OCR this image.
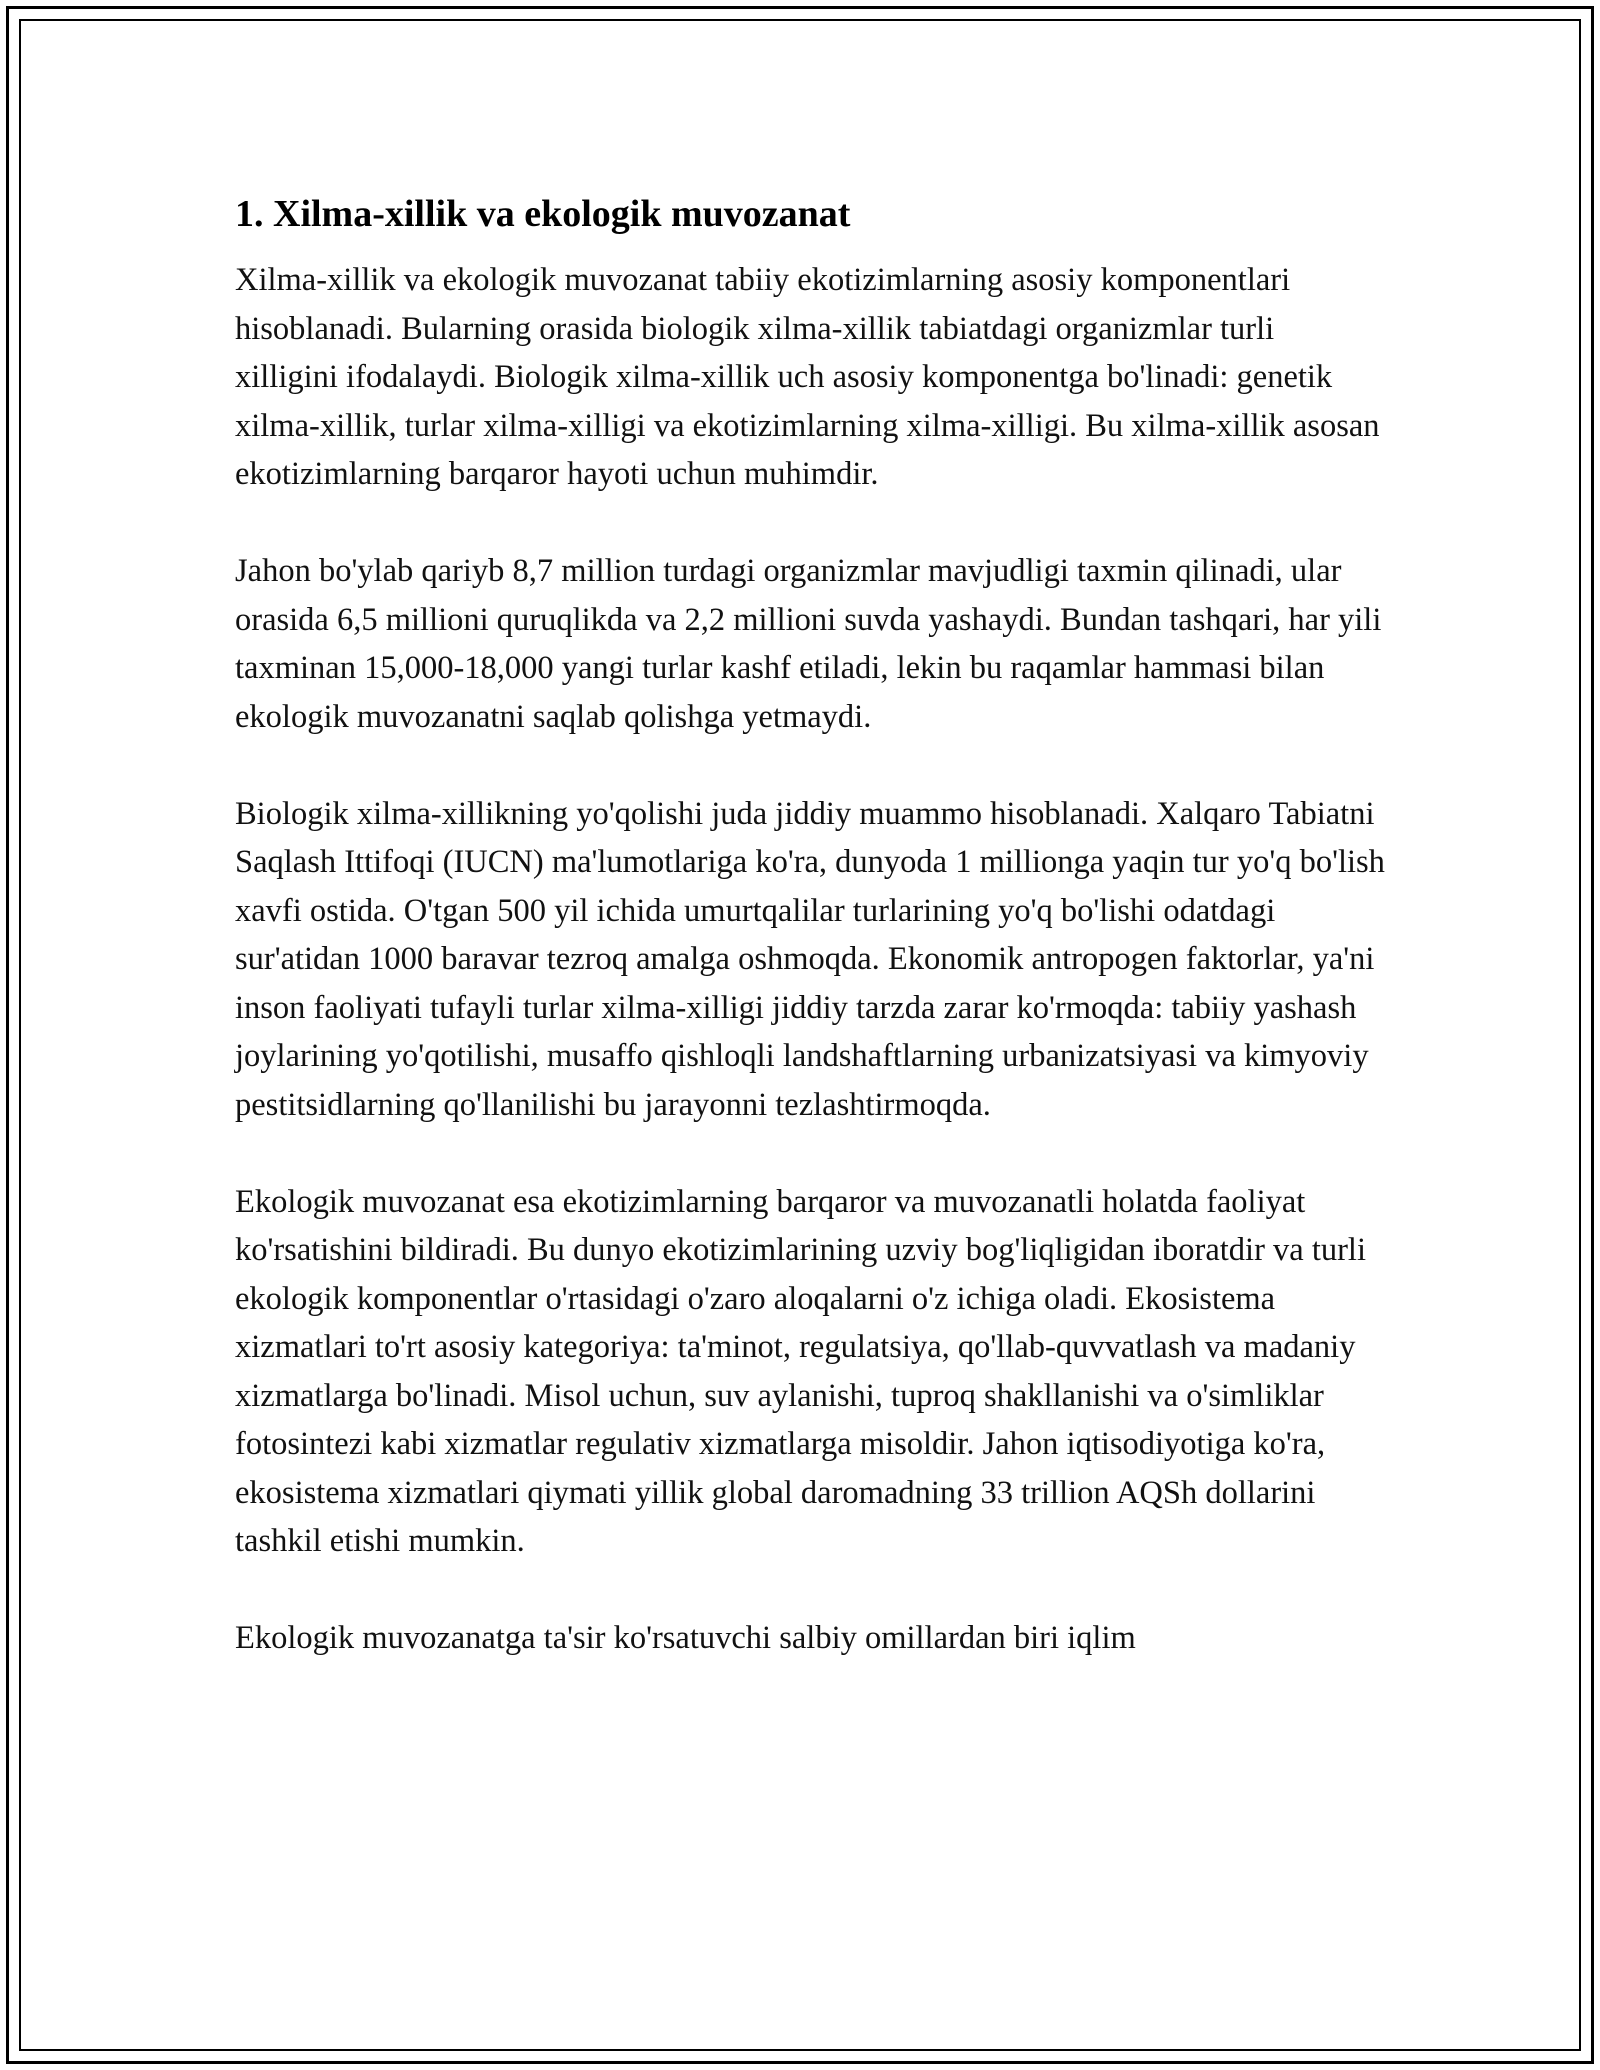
1. Xilma-xillik va ekologik muvozanat

Xilma-xillik va ekologik muvozanat tabiiy ekotizimlarning asosiy komponentlari hisoblanadi. Bularning orasida biologik xilma-xillik tabiatdagi organizmlar turli xilligini ifodalaydi. Biologik xilma-xillik uch asosiy komponentga bo'linadi: genetik xilma-xillik, turlar xilma-xilligi va ekotizimlarning xilma-xilligi. Bu xilma-xillik asosan ekotizimlarning barqaror hayoti uchun muhimdir.

Jahon bo'ylab qariyb 8,7 million turdagi organizmlar mavjudligi taxmin qilinadi, ular orasida 6,5 millioni quruqlikda va 2,2 millioni suvda yashaydi. Bundan tashqari, har yili taxminan 15,000-18,000 yangi turlar kashf etiladi, lekin bu raqamlar hammasi bilan ekologik muvozanatni saqlab qolishga yetmaydi.

Biologik xilma-xillikning yo'qolishi juda jiddiy muammo hisoblanadi. Xalqaro Tabiatni Saqlash Ittifoqi (IUCN) ma'lumotlariga ko'ra, dunyoda 1 millionga yaqin tur yo'q bo'lish xavfi ostida. O'tgan 500 yil ichida umurtqalilar turlarining yo'q bo'lishi odatdagi sur'atidan 1000 baravar tezroq amalga oshmoqda. Ekonomik antropogen faktorlar, ya'ni inson faoliyati tufayli turlar xilma-xilligi jiddiy tarzda zarar ko'rmoqda: tabiiy yashash joylarining yo'qotilishi, musaffo qishloqli landshaftlarning urbanizatsiyasi va kimyoviy pestitsidlarning qo'llanilishi bu jarayonni tezlashtirmoqda.

Ekologik muvozanat esa ekotizimlarning barqaror va muvozanatli holatda faoliyat ko'rsatishini bildiradi. Bu dunyo ekotizimlarining uzviy bog'liqligidan iboratdir va turli ekologik komponentlar o'rtasidagi o'zaro aloqalarni o'z ichiga oladi. Ekosistema xizmatlari to'rt asosiy kategoriya: ta'minot, regulatsiya, qo'llab-quvvatlash va madaniy xizmatlarga bo'linadi. Misol uchun, suv aylanishi, tuproq shakllanishi va o'simliklar fotosintezi kabi xizmatlar regulativ xizmatlarga misoldir. Jahon iqtisodiyotiga ko'ra, ekosistema xizmatlari qiymati yillik global daromadning 33 trillion AQSh dollarini tashkil etishi mumkin.

Ekologik muvozanatga ta'sir ko'rsatuvchi salbiy omillardan biri iqlim
